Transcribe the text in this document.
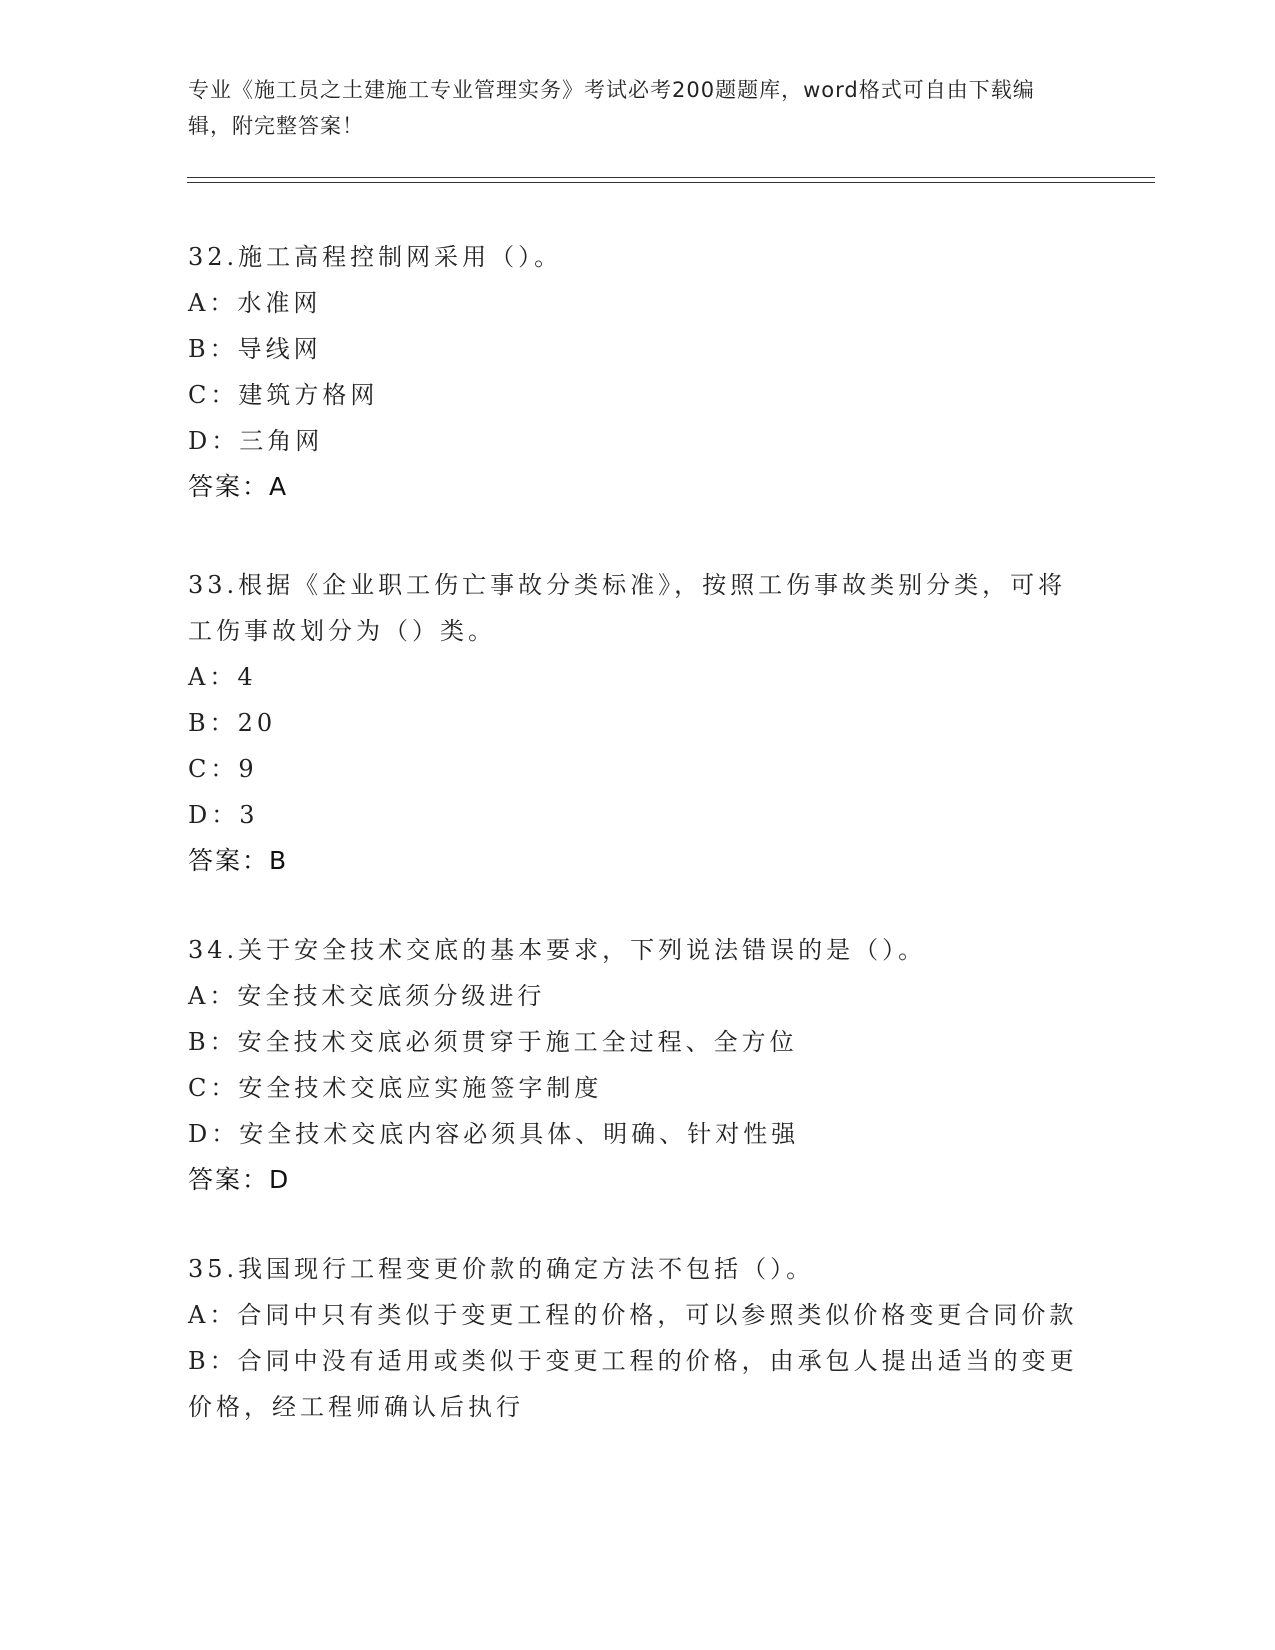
专业《施工员之土建施工专业管理实务》考试必考200题题库，word格式可自由下载编辑，附完整答案！

32.施工高程控制网采用（）。

A：水准网

B：导线网

C：建筑方格网

D：三角网

答案：A

33.根据《企业职工伤亡事故分类标准》，按照工伤事故类别分类，可将工伤事故划分为（）类。

A：4

B：20

C：9

D：3

答案：B

34.关于安全技术交底的基本要求，下列说法错误的是（）。

A：安全技术交底须分级进行

B：安全技术交底必须贯穿于施工全过程、全方位

C：安全技术交底应实施签字制度

D：安全技术交底内容必须具体、明确、针对性强

答案：D

35.我国现行工程变更价款的确定方法不包括（）。

A：合同中只有类似于变更工程的价格，可以参照类似价格变更合同价款

B：合同中没有适用或类似于变更工程的价格，由承包人提出适当的变更价格，经工程师确认后执行
